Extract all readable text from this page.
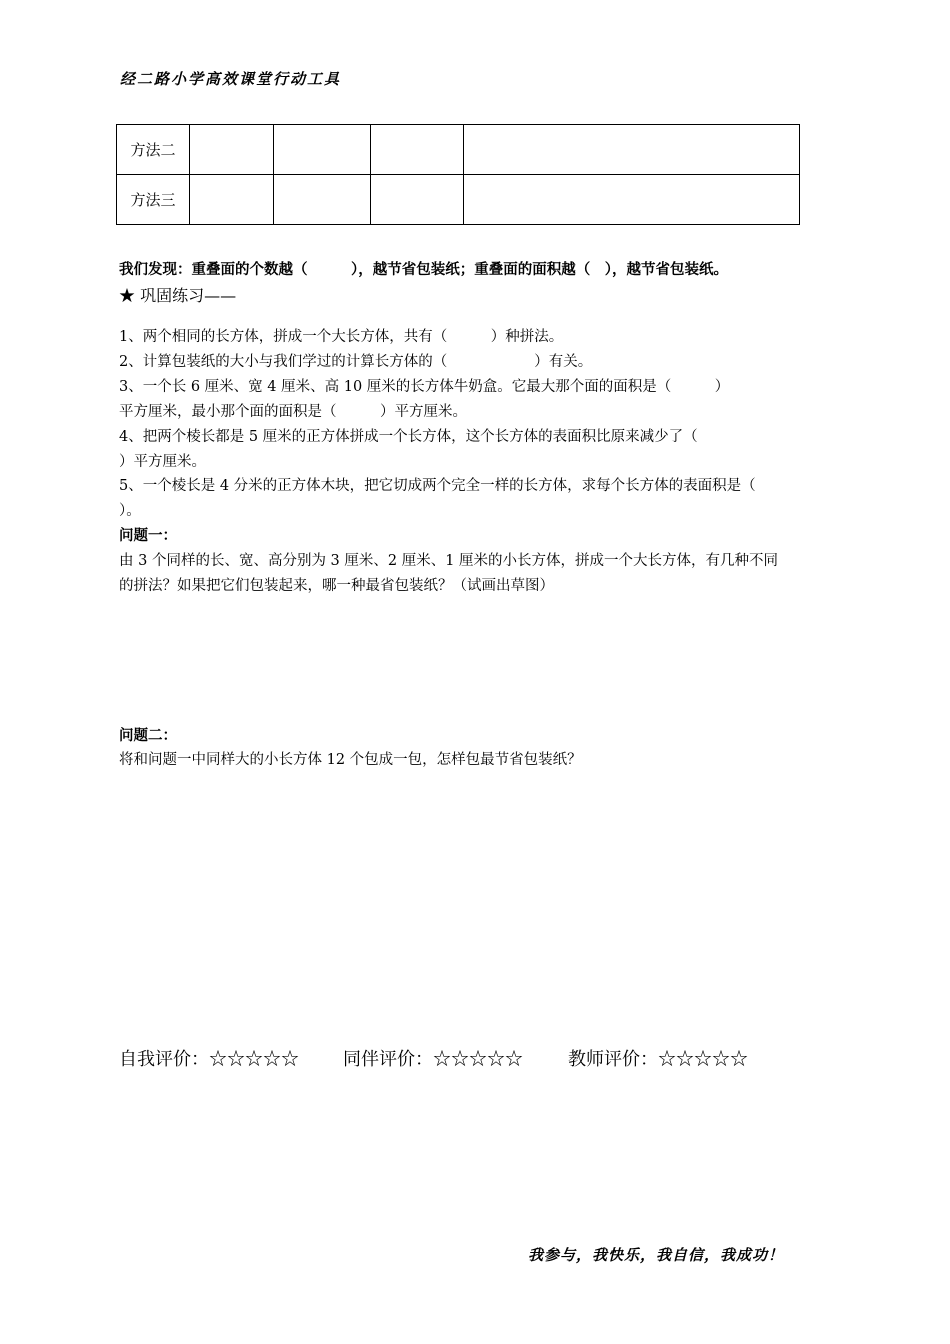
经二路小学高效课堂行动工具
方法二				
方法三				
我们发现：重叠面的个数越（　　　），越节省包装纸；重叠面的面积越（　），越节省包装纸。
★ 巩固练习——
1、两个相同的长方体，拼成一个大长方体，共有（　　　）种拼法。
2、计算包装纸的大小与我们学过的计算长方体的（　　　　　　）有关。
3、一个长 6 厘米、宽 4 厘米、高 10 厘米的长方体牛奶盒。它最大那个面的面积是（　　　）
平方厘米，最小那个面的面积是（　　　）平方厘米。
4、把两个棱长都是 5 厘米的正方体拼成一个长方体，这个长方体的表面积比原来减少了（
）平方厘米。
5、一个棱长是 4 分米的正方体木块，把它切成两个完全一样的长方体，求每个长方体的表面积是（
）。
问题一：
由 3 个同样的长、宽、高分别为 3 厘米、2 厘米、1 厘米的小长方体，拼成一个大长方体，有几种不同
的拼法？如果把它们包装起来，哪一种最省包装纸？（试画出草图）
问题二：
将和问题一中同样大的小长方体 12 个包成一包，怎样包最节省包装纸？
自我评价：☆☆☆☆☆ 同伴评价：☆☆☆☆☆	教师评价：☆☆☆☆☆
我参与，我快乐，我自信，我成功！
